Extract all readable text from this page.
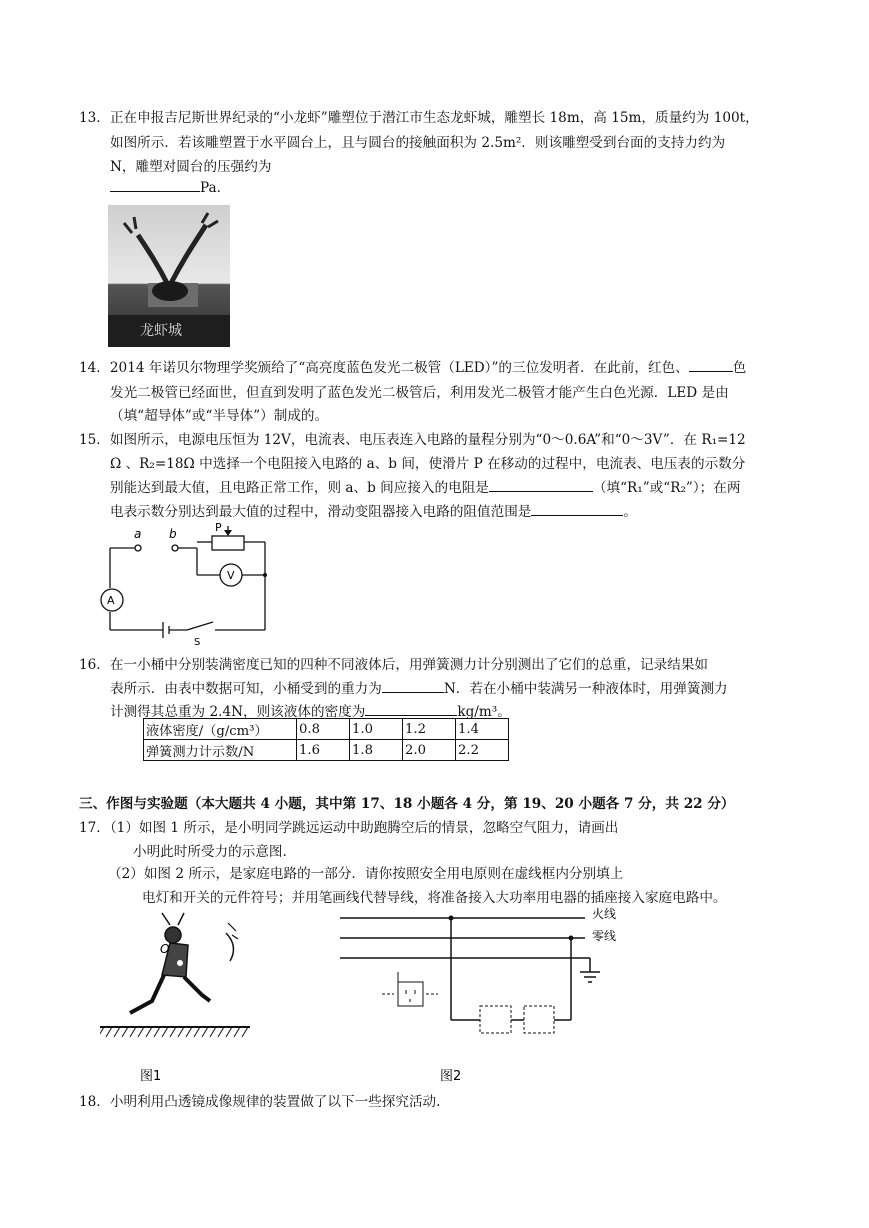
13．正在申报吉尼斯世界纪录的“小龙虾”雕塑位于潜江市生态龙虾城，雕塑长 18m，高 15m，质量约为 100t，
如图所示．若该雕塑置于水平圆台上，且与圆台的接触面积为 2.5m²．则该雕塑受到台面的支持力约为
N，雕塑对圆台的压强约为
Pa.
龙虾城
14．2014 年诺贝尔物理学奖颁给了“高亮度蓝色发光二极管（LED）”的三位发明者．在此前，红色、	色
发光二极管已经面世，但直到发明了蓝色发光二极管后，利用发光二极管才能产生白色光源．LED 是由
（填“超导体”或“半导体”）制成的。
15．如图所示，电源电压恒为 12V，电流表、电压表连入电路的量程分别为“0～0.6A”和“0～3V”．在 R₁=12
Ω 、R₂=18Ω 中选择一个电阻接入电路的 a、b 间，使滑片 P 在移动的过程中，电流表、电压表的示数分
别能达到最大值，且电路正常工作，则 a、b 间应接入的电阻是	（填“R₁”或“R₂”）；在两
电表示数分别达到最大值的过程中，滑动变阻器接入电路的阻值范围是	。
a b	P
V
A
S
16．在一小桶中分别装满密度已知的四种不同液体后，用弹簧测力计分别测出了它们的总重，记录结果如
表所示．由表中数据可知，小桶受到的重力为	N．若在小桶中装满另一种液体时，用弹簧测力
计测得其总重为 2.4N，则该液体的密度为	kg/m³。
液体密度/（g/cm³）	0.8	1.0	1.2	1.4
弹簧测力计示数/N	1.6	1.8	2.0	2.2
三、作图与实验题（本大题共 4 小题，其中第 17、18 小题各 4 分，第 19、20 小题各 7 分，共 22 分）
17．（1）如图 1 所示，是小明同学跳远运动中助跑腾空后的情景，忽略空气阻力，请画出
小明此时所受力的示意图.
（2）如图 2 所示，是家庭电路的一部分．请你按照安全用电原则在虚线框内分别填上
电灯和开关的元件符号；并用笔画线代替导线，将准备接入大功率用电器的插座接入家庭电路中。
O
图1
火线
零线
图2
18．小明利用凸透镜成像规律的装置做了以下一些探究活动.
